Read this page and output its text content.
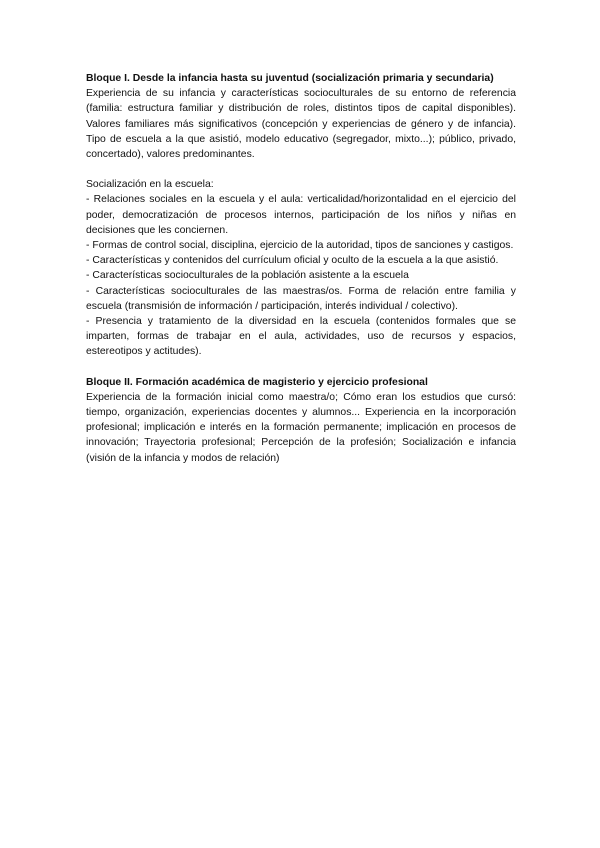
Bloque I. Desde la infancia hasta su juventud (socialización primaria y secundaria)

Experiencia de su infancia y características socioculturales de su entorno de referencia (familia: estructura familiar y distribución de roles, distintos tipos de capital disponibles). Valores familiares más significativos (concepción y experiencias de género y de infancia). Tipo de escuela a la que asistió, modelo educativo (segregador, mixto...); público, privado, concertado), valores predominantes.

Socialización en la escuela:

- Relaciones sociales en la escuela y el aula: verticalidad/horizontalidad en el ejercicio del poder, democratización de procesos internos, participación de los niños y niñas en decisiones que les conciernen.
- Formas de control social, disciplina, ejercicio de la autoridad, tipos de sanciones y castigos.
- Características y contenidos del currículum oficial y oculto de la escuela a la que asistió.
- Características socioculturales de la población asistente a la escuela
- Características socioculturales de las maestras/os. Forma de relación entre familia y escuela (transmisión de información / participación, interés individual / colectivo).
- Presencia y tratamiento de la diversidad en la escuela (contenidos formales que se imparten, formas de trabajar en el aula, actividades, uso de recursos y espacios, estereotipos y actitudes).

Bloque II. Formación académica de magisterio y ejercicio profesional

Experiencia de la formación inicial como maestra/o; Cómo eran los estudios que cursó: tiempo, organización, experiencias docentes y alumnos... Experiencia en la incorporación profesional; implicación e interés en la formación permanente; implicación en procesos de innovación; Trayectoria profesional; Percepción de la profesión; Socialización e infancia (visión de la infancia y modos de relación)
